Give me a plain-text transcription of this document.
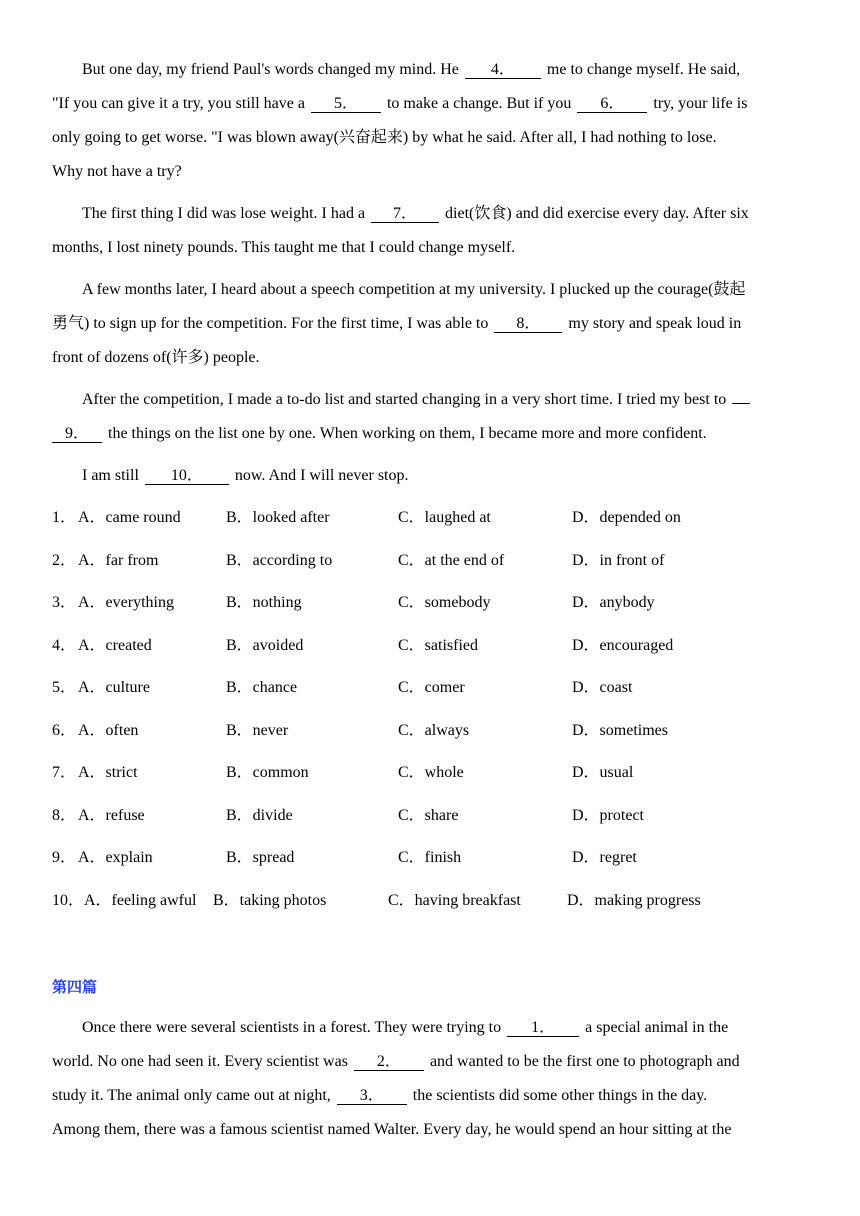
But one day, my friend Paul's words changed my mind. He 4． me to change myself. He said,
"If you can give it a try, you still have a 5． to make a change. But if you 6． try, your life is
only going to get worse. "I was blown away(兴奋起来) by what he said. After all, I had nothing to lose.
Why not have a try?
The first thing I did was lose weight. I had a 7． diet(饮食) and did exercise every day. After six
months, I lost ninety pounds. This taught me that I could change myself.
A few months later, I heard about a speech competition at my university. I plucked up the courage(鼓起
勇气) to sign up for the competition. For the first time, I was able to 8． my story and speak loud in
front of dozens of(许多) people.
After the competition, I made a to-do list and started changing in a very short time. I tried my best to
9． the things on the list one by one. When working on them, I became more and more confident.
I am still 10． now. And I will never stop.
1． A．came round	B．looked after	C．laughed at	D．depended on
2． A．far from	B．according to	C．at the end of	D．in front of
3． A．everything	B．nothing	C．somebody	D．anybody
4． A．created	B．avoided	C．satisfied	D．encouraged
5． A．culture	B．chance	C．comer	D．coast
6． A．often	B．never	C．always	D．sometimes
7． A．strict	B．common	C．whole	D．usual
8． A．refuse	B．divide	C．share	D．protect
9． A．explain	B．spread	C．finish	D．regret
10． A．feeling awful B．taking photos	C．having breakfast	D．making progress
第四篇
Once there were several scientists in a forest. They were trying to 1． a special animal in the
world. No one had seen it. Every scientist was 2． and wanted to be the first one to photograph and
study it. The animal only came out at night, 3． the scientists did some other things in the day.
Among them, there was a famous scientist named Walter. Every day, he would spend an hour sitting at the
